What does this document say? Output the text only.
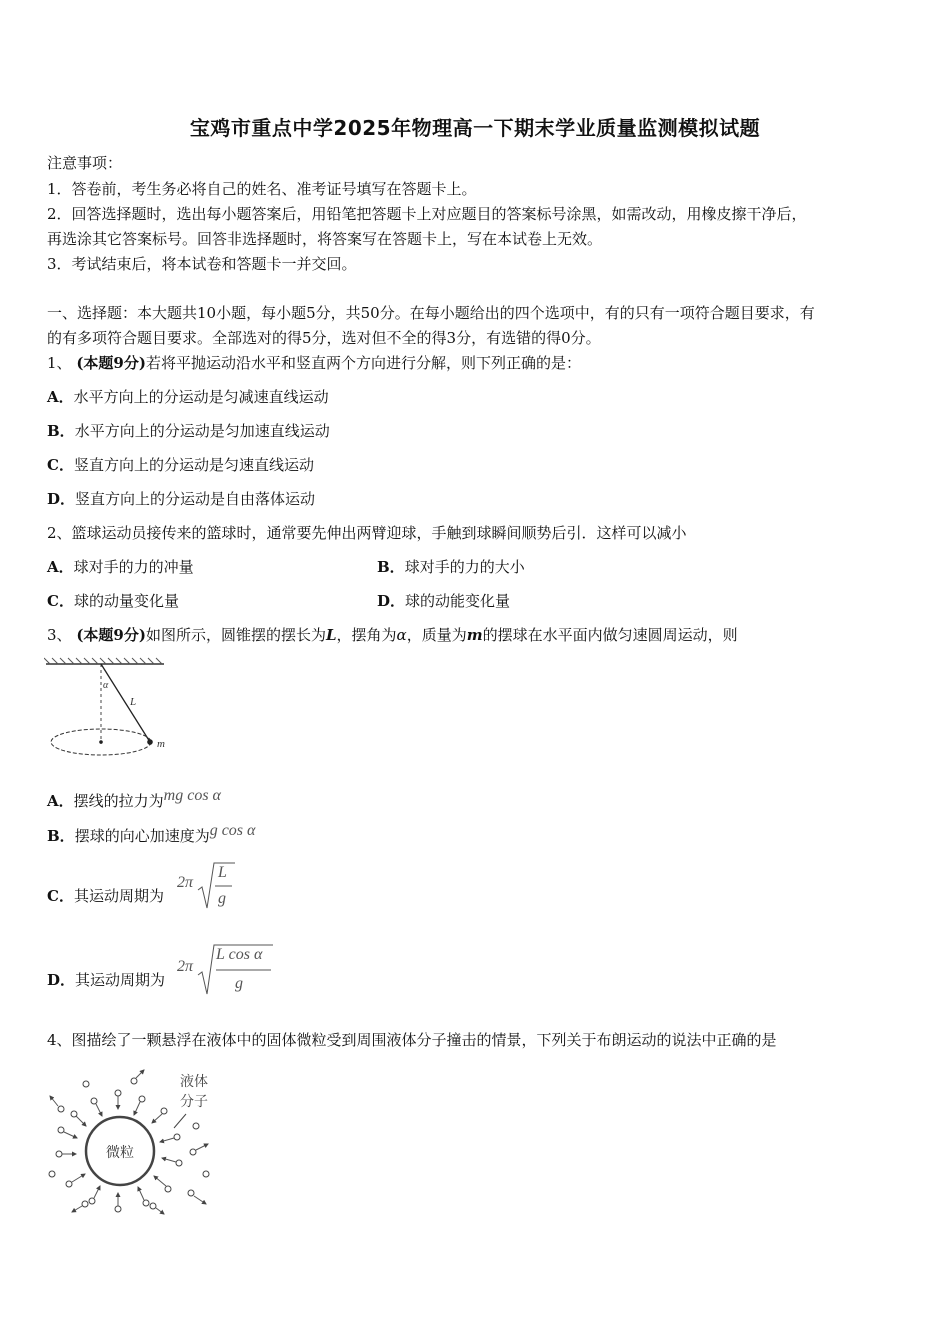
宝鸡市重点中学2025年物理高一下期末学业质量监测模拟试题
注意事项：
1．答卷前，考生务必将自己的姓名、准考证号填写在答题卡上。
2．回答选择题时，选出每小题答案后，用铅笔把答题卡上对应题目的答案标号涂黑，如需改动，用橡皮擦干净后，
再选涂其它答案标号。回答非选择题时，将答案写在答题卡上，写在本试卷上无效。
3．考试结束后，将本试卷和答题卡一并交回。
一、选择题：本大题共10小题，每小题5分，共50分。在每小题给出的四个选项中，有的只有一项符合题目要求，有
的有多项符合题目要求。全部选对的得5分，选对但不全的得3分，有选错的得0分。
1、 (本题9分)若将平抛运动沿水平和竖直两个方向进行分解，则下列正确的是：
A．水平方向上的分运动是匀减速直线运动
B．水平方向上的分运动是匀加速直线运动
C．竖直方向上的分运动是匀速直线运动
D．竖直方向上的分运动是自由落体运动
2、篮球运动员接传来的篮球时，通常要先伸出两臂迎球，手触到球瞬间顺势后引．这样可以减小
A．球对手的力的冲量	B．球对手的力的大小
C．球的动量变化量	D．球的动能变化量
3、 (本题9分)如图所示，圆锥摆的摆长为L，摆角为α，质量为m的摆球在水平面内做匀速圆周运动，则
α
L
m
A．摆线的拉力为mg cos α
B．摆球的向心加速度为g cos α
C．其运动周期为
2π
L
g
D．其运动周期为
2π
L cos α
g
4、图描绘了一颗悬浮在液体中的固体微粒受到周围液体分子撞击的情景，下列关于布朗运动的说法中正确的是
微粒
液体
分子
